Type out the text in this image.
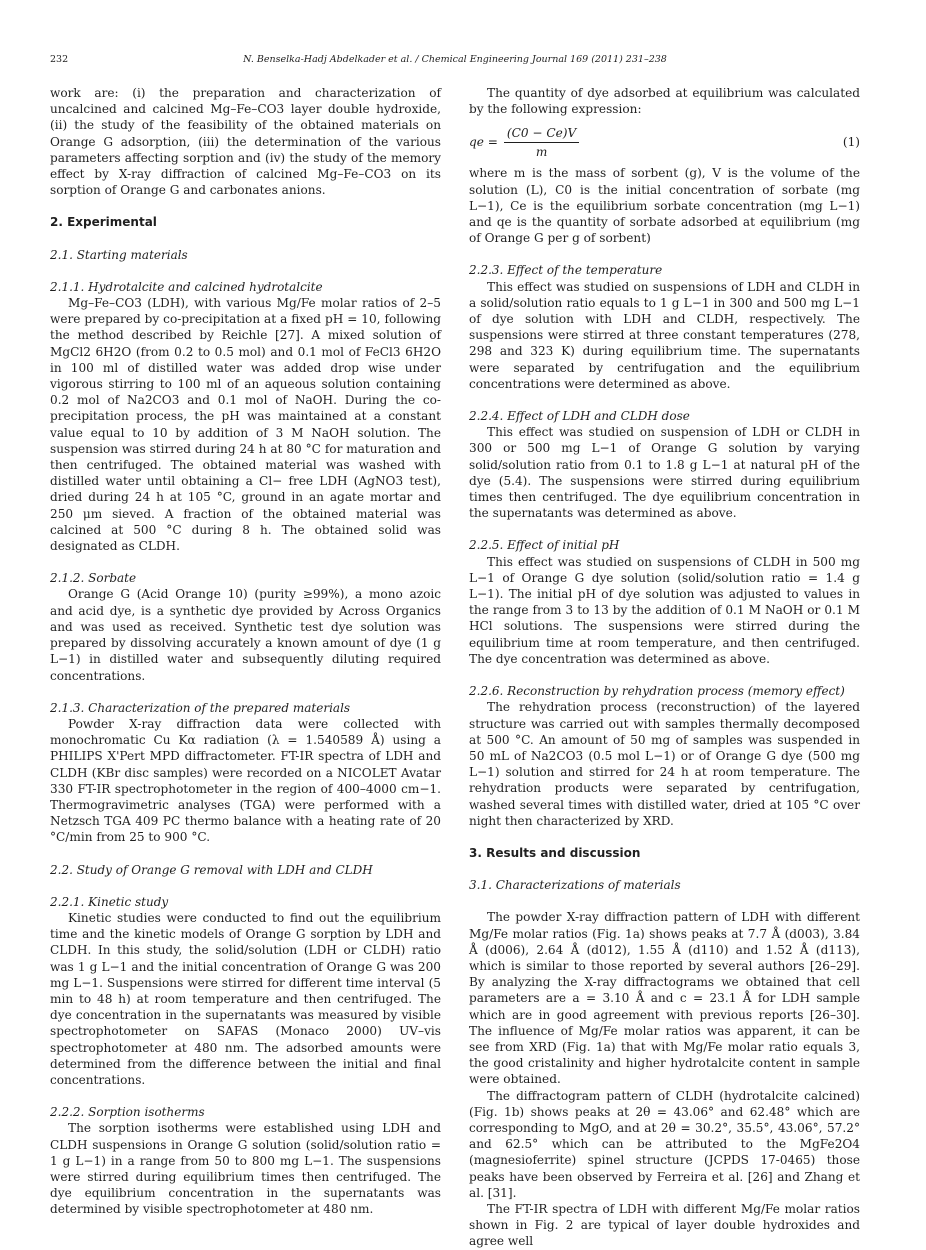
232	N. Benselka-Hadj Abdelkader et al. / Chemical Engineering Journal 169 (2011) 231–238

work are: (i) the preparation and characterization of uncalcined and calcined Mg–Fe–CO3 layer double hydroxide, (ii) the study of the feasibility of the obtained materials on Orange G adsorption, (iii) the determination of the various parameters affecting sorption and (iv) the study of the memory effect by X-ray diffraction of calcined Mg–Fe–CO3 on its sorption of Orange G and carbonates anions.

2. Experimental
2.1. Starting materials
2.1.1. Hydrotalcite and calcined hydrotalcite

Mg–Fe–CO3 (LDH), with various Mg/Fe molar ratios of 2–5 were prepared by co-precipitation at a fixed pH = 10, following the method described by Reichle [27]. A mixed solution of MgCl2 6H2O (from 0.2 to 0.5 mol) and 0.1 mol of FeCl3 6H2O in 100 ml of distilled water was added drop wise under vigorous stirring to 100 ml of an aqueous solution containing 0.2 mol of Na2CO3 and 0.1 mol of NaOH. During the co-precipitation process, the pH was maintained at a constant value equal to 10 by addition of 3 M NaOH solution. The suspension was stirred during 24 h at 80 °C for maturation and then centrifuged. The obtained material was washed with distilled water until obtaining a Cl− free LDH (AgNO3 test), dried during 24 h at 105 °C, ground in an agate mortar and 250 μm sieved. A fraction of the obtained material was calcined at 500 °C during 8 h. The obtained solid was designated as CLDH.

2.1.2. Sorbate

Orange G (Acid Orange 10) (purity ≥99%), a mono azoic and acid dye, is a synthetic dye provided by Across Organics and was used as received. Synthetic test dye solution was prepared by dissolving accurately a known amount of dye (1 g L−1) in distilled water and subsequently diluting required concentrations.

2.1.3. Characterization of the prepared materials

Powder X-ray diffraction data were collected with monochromatic Cu Kα radiation (λ = 1.540589 Å) using a PHILIPS X'Pert MPD diffractometer. FT-IR spectra of LDH and CLDH (KBr disc samples) were recorded on a NICOLET Avatar 330 FT-IR spectrophotometer in the region of 400–4000 cm−1. Thermogravimetric analyses (TGA) were performed with a Netzsch TGA 409 PC thermo balance with a heating rate of 20 °C/min from 25 to 900 °C.

2.2. Study of Orange G removal with LDH and CLDH
2.2.1. Kinetic study

Kinetic studies were conducted to find out the equilibrium time and the kinetic models of Orange G sorption by LDH and CLDH. In this study, the solid/solution (LDH or CLDH) ratio was 1 g L−1 and the initial concentration of Orange G was 200 mg L−1. Suspensions were stirred for different time interval (5 min to 48 h) at room temperature and then centrifuged. The dye concentration in the supernatants was measured by visible spectrophotometer on SAFAS (Monaco 2000) UV–vis spectrophotometer at 480 nm. The adsorbed amounts were determined from the difference between the initial and final concentrations.

2.2.2. Sorption isotherms

The sorption isotherms were established using LDH and CLDH suspensions in Orange G solution (solid/solution ratio = 1 g L−1) in a range from 50 to 800 mg L−1. The suspensions were stirred during equilibrium times then centrifuged. The dye equilibrium concentration in the supernatants was determined by visible spectrophotometer at 480 nm.

The quantity of dye adsorbed at equilibrium was calculated by the following expression:

qe = $\frac{(C0 - Ce)V}{m}$	(1)

where m is the mass of sorbent (g), V is the volume of the solution (L), C0 is the initial concentration of sorbate (mg L−1), Ce is the equilibrium sorbate concentration (mg L−1) and qe is the quantity of sorbate adsorbed at equilibrium (mg of Orange G per g of sorbent)

2.2.3. Effect of the temperature

This effect was studied on suspensions of LDH and CLDH in a solid/solution ratio equals to 1 g L−1 in 300 and 500 mg L−1 of dye solution with LDH and CLDH, respectively. The suspensions were stirred at three constant temperatures (278, 298 and 323 K) during equilibrium time. The supernatants were separated by centrifugation and the equilibrium concentrations were determined as above.

2.2.4. Effect of LDH and CLDH dose

This effect was studied on suspension of LDH or CLDH in 300 or 500 mg L−1 of Orange G solution by varying solid/solution ratio from 0.1 to 1.8 g L−1 at natural pH of the dye (5.4). The suspensions were stirred during equilibrium times then centrifuged. The dye equilibrium concentration in the supernatants was determined as above.

2.2.5. Effect of initial pH

This effect was studied on suspensions of CLDH in 500 mg L−1 of Orange G dye solution (solid/solution ratio = 1.4 g L−1). The initial pH of dye solution was adjusted to values in the range from 3 to 13 by the addition of 0.1 M NaOH or 0.1 M HCl solutions. The suspensions were stirred during the equilibrium time at room temperature, and then centrifuged. The dye concentration was determined as above.

2.2.6. Reconstruction by rehydration process (memory effect)

The rehydration process (reconstruction) of the layered structure was carried out with samples thermally decomposed at 500 °C. An amount of 50 mg of samples was suspended in 50 mL of Na2CO3 (0.5 mol L−1) or of Orange G dye (500 mg L−1) solution and stirred for 24 h at room temperature. The rehydration products were separated by centrifugation, washed several times with distilled water, dried at 105 °C over night then characterized by XRD.

3. Results and discussion
3.1. Characterizations of materials

The powder X-ray diffraction pattern of LDH with different Mg/Fe molar ratios (Fig. 1a) shows peaks at 7.7 Å (d003), 3.84 Å (d006), 2.64 Å (d012), 1.55 Å (d110) and 1.52 Å (d113), which is similar to those reported by several authors [26–29]. By analyzing the X-ray diffractograms we obtained that cell parameters are a = 3.10 Å and c = 23.1 Å for LDH sample which are in good agreement with previous reports [26–30]. The influence of Mg/Fe molar ratios was apparent, it can be see from XRD (Fig. 1a) that with Mg/Fe molar ratio equals 3, the good cristalinity and higher hydrotalcite content in sample were obtained.

The diffractogram pattern of CLDH (hydrotalcite calcined) (Fig. 1b) shows peaks at 2θ = 43.06° and 62.48° which are corresponding to MgO, and at 2θ = 30.2°, 35.5°, 43.06°, 57.2° and 62.5° which can be attributed to the MgFe2O4 (magnesioferrite) spinel structure (JCPDS 17-0465) those peaks have been observed by Ferreira et al. [26] and Zhang et al. [31].

The FT-IR spectra of LDH with different Mg/Fe molar ratios shown in Fig. 2 are typical of layer double hydroxides and agree well
